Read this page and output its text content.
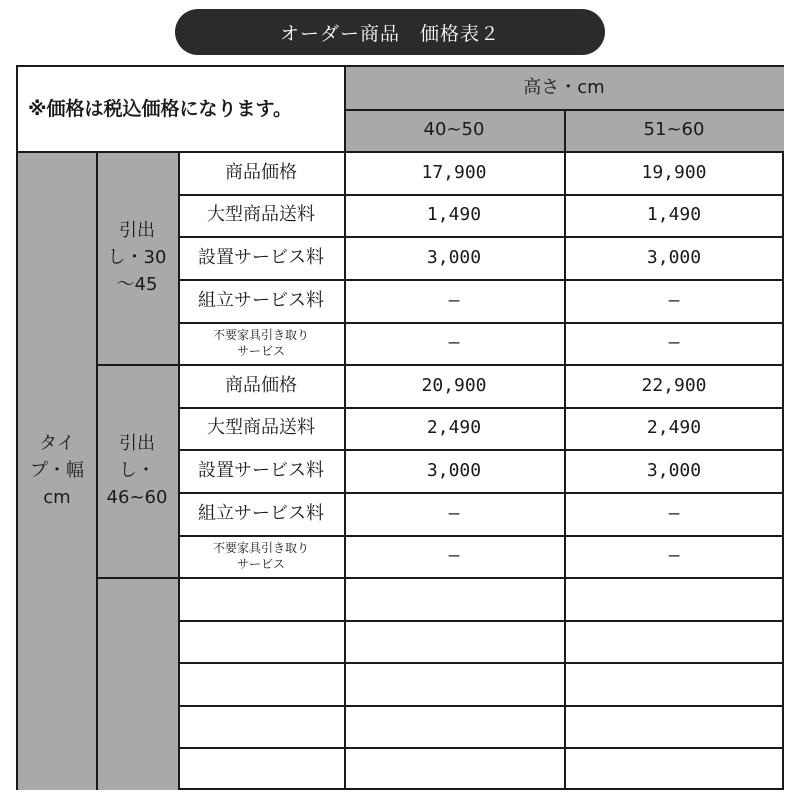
オーダー商品　価格表２
※価格は税込価格になります。
高さ・cm
40~50	51~60
タイ
プ・幅
cm
引出
し・30
～45
引出
し・
46~60
商品価格	17,900	19,900
大型商品送料	1,490	1,490
設置サービス料	3,000	3,000
組立サービス料	—	—
不要家具引き取り
サービス	—	—
商品価格	20,900	22,900
大型商品送料	2,490	2,490
設置サービス料	3,000	3,000
組立サービス料	—	—
不要家具引き取り
サービス	—	—
